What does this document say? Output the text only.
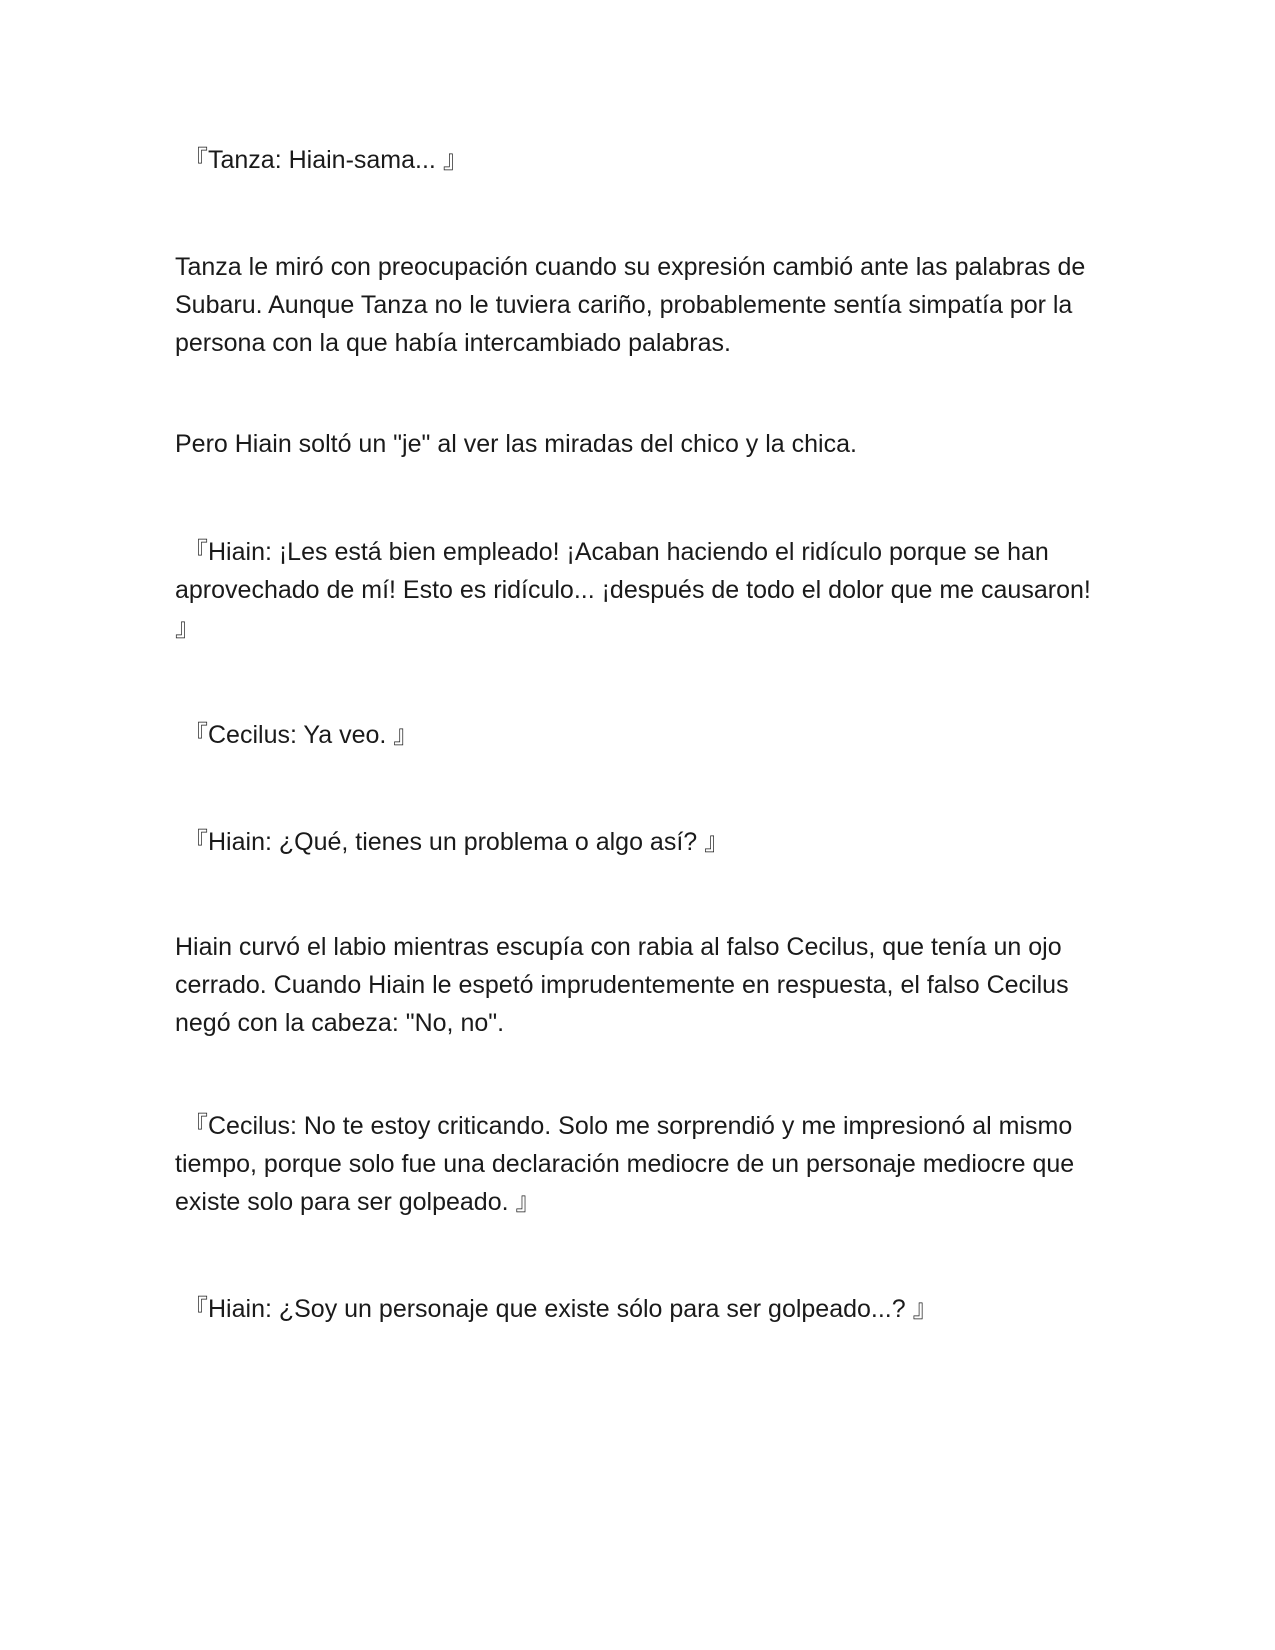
『Tanza: Hiain-sama... 』

Tanza le miró con preocupación cuando su expresión cambió ante las palabras de Subaru. Aunque Tanza no le tuviera cariño, probablemente sentía simpatía por la persona con la que había intercambiado palabras.

Pero Hiain soltó un "je" al ver las miradas del chico y la chica.

『Hiain: ¡Les está bien empleado! ¡Acaban haciendo el ridículo porque se han aprovechado de mí! Esto es ridículo... ¡después de todo el dolor que me causaron! 』

『Cecilus: Ya veo. 』

『Hiain: ¿Qué, tienes un problema o algo así? 』

Hiain curvó el labio mientras escupía con rabia al falso Cecilus, que tenía un ojo cerrado. Cuando Hiain le espetó imprudentemente en respuesta, el falso Cecilus negó con la cabeza: "No, no".

『Cecilus: No te estoy criticando. Solo me sorprendió y me impresionó al mismo tiempo, porque solo fue una declaración mediocre de un personaje mediocre que existe solo para ser golpeado. 』

『Hiain: ¿Soy un personaje que existe sólo para ser golpeado...? 』
